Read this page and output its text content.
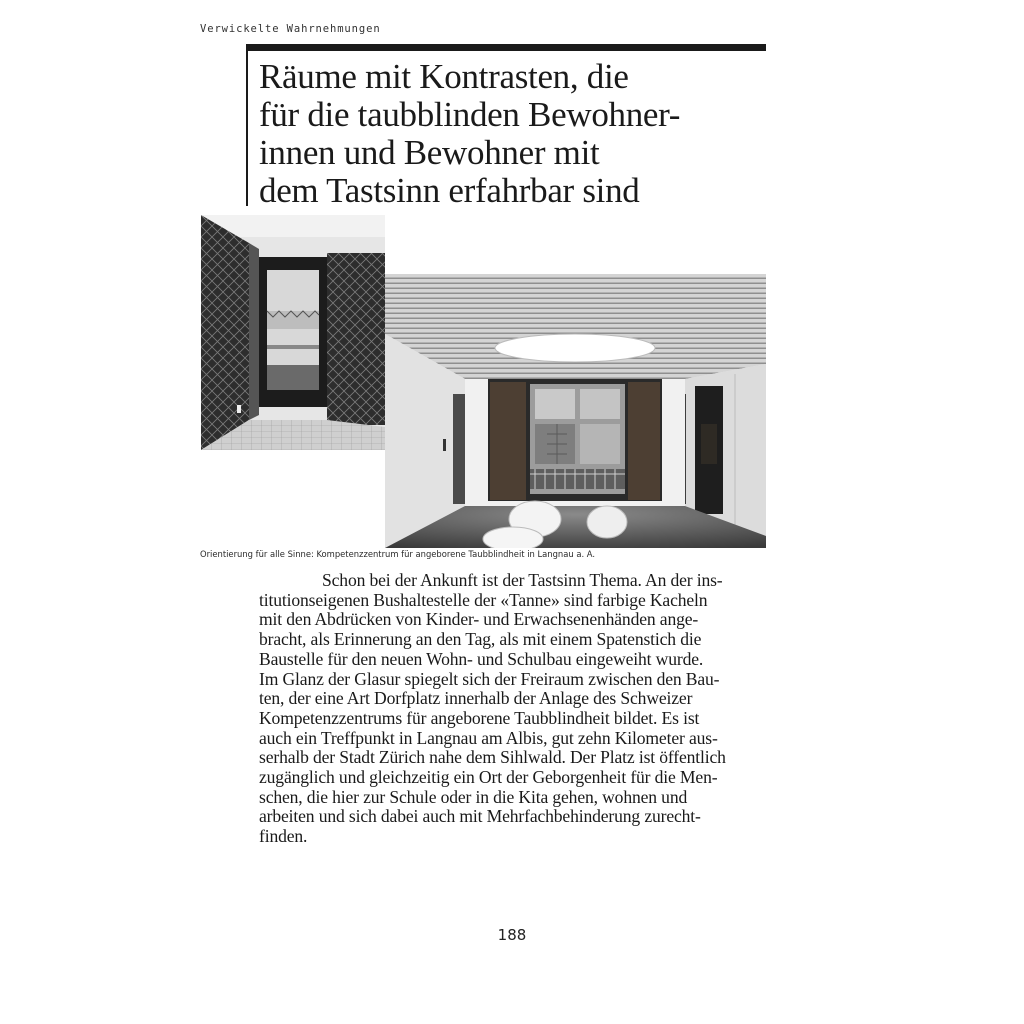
Verwickelte Wahrnehmungen
Räume mit Kontrasten, die
für die taubblinden Bewohner-
innen und Bewohner mit
dem Tastsinn erfahrbar sind
Orientierung für alle Sinne: Kompetenzzentrum für angeborene Taubblindheit in Langnau a. A.
Schon bei der Ankunft ist der Tastsinn Thema. An der ins-
titutionseigenen Bushaltestelle der «Tanne» sind farbige Kacheln
mit den Abdrücken von Kinder- und Erwachsenenhänden ange-
bracht, als Erinnerung an den Tag, als mit einem Spatenstich die
Baustelle für den neuen Wohn- und Schulbau eingeweiht wurde.
Im Glanz der Glasur spiegelt sich der Freiraum zwischen den Bau-
ten, der eine Art Dorfplatz innerhalb der Anlage des Schweizer
Kompetenzzentrums für angeborene Taubblindheit bildet. Es ist
auch ein Treffpunkt in Langnau am Albis, gut zehn Kilometer aus-
serhalb der Stadt Zürich nahe dem Sihlwald. Der Platz ist öffentlich
zugänglich und gleichzeitig ein Ort der Geborgenheit für die Men-
schen, die hier zur Schule oder in die Kita gehen, wohnen und
arbeiten und sich dabei auch mit Mehrfachbehinderung zurecht-
finden.
188
